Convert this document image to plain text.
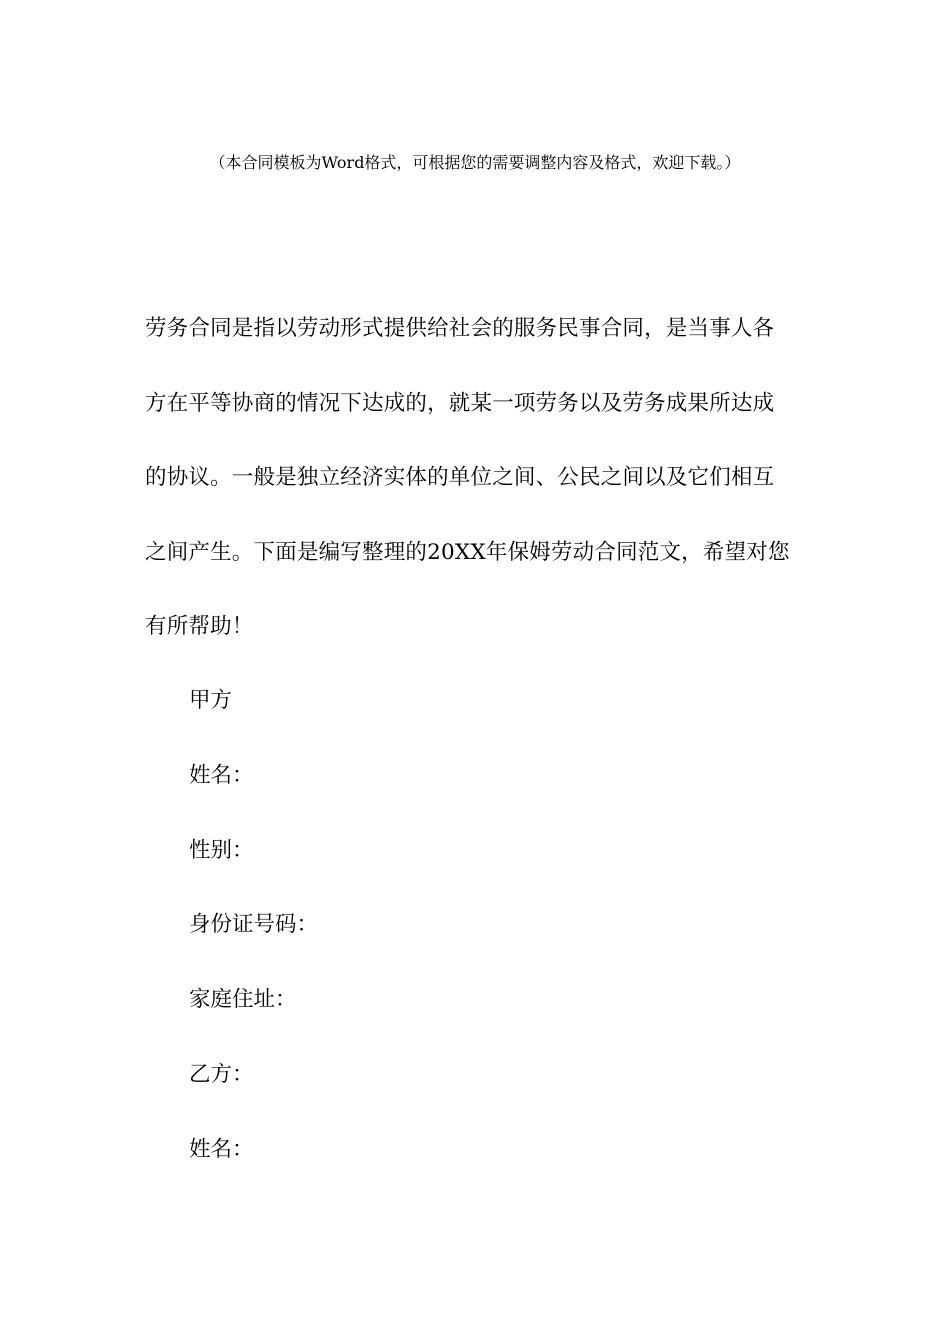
（本合同模板为Word格式，可根据您的需要调整内容及格式，欢迎下载。）
劳务合同是指以劳动形式提供给社会的服务民事合同，是当事人各
方在平等协商的情况下达成的，就某一项劳务以及劳务成果所达成
的协议。一般是独立经济实体的单位之间、公民之间以及它们相互
之间产生。下面是编写整理的20XX年保姆劳动合同范文，希望对您
有所帮助！
甲方
姓名：
性别：
身份证号码：
家庭住址：
乙方：
姓名：
